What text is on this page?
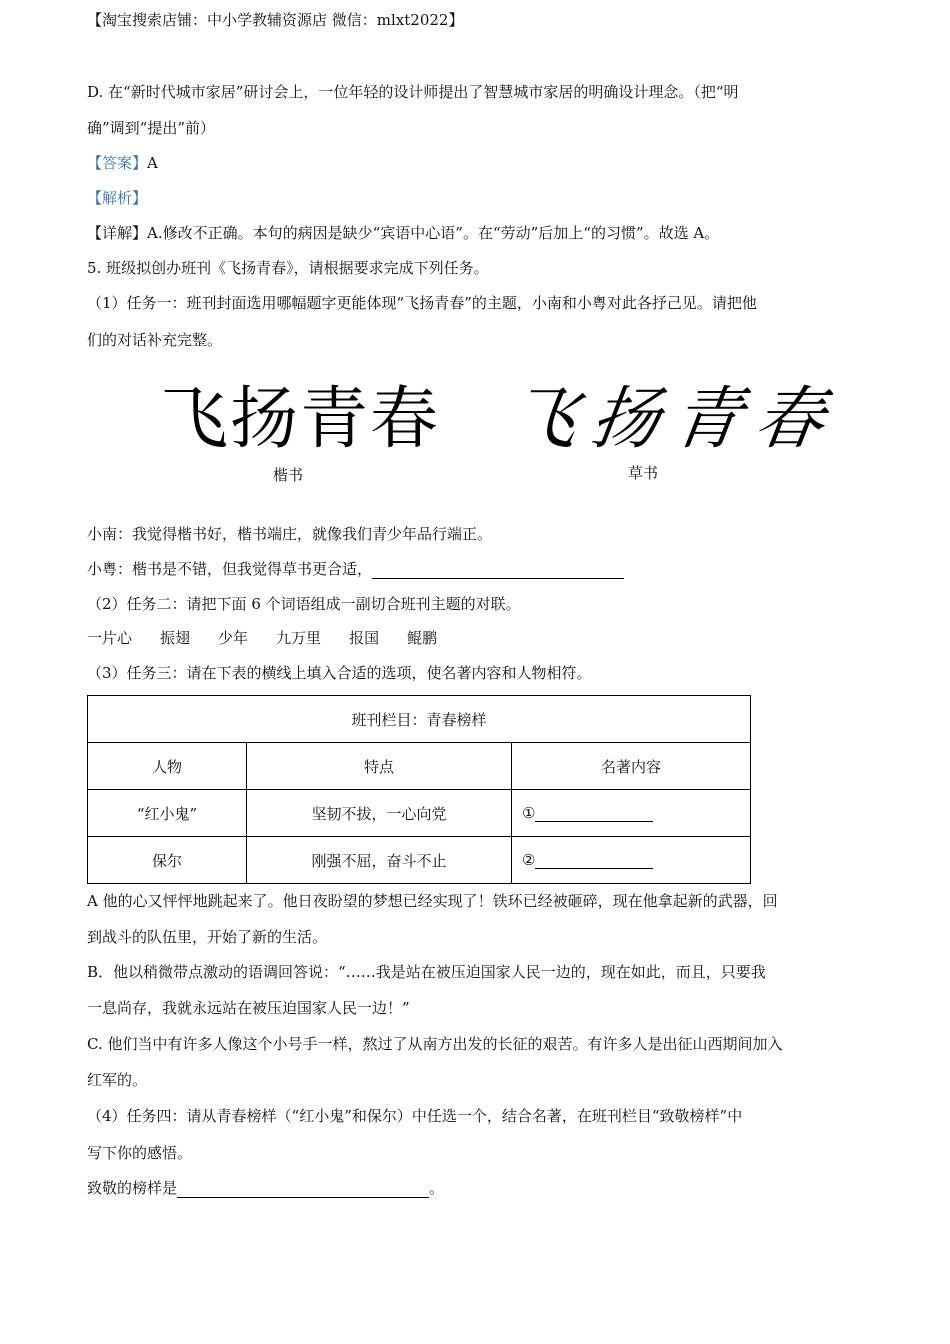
【淘宝搜索店铺：中小学教辅资源店 微信：mlxt2022】
D. 在“新时代城市家居”研讨会上，一位年轻的设计师提出了智慧城市家居的明确设计理念。（把“明
确”调到“提出”前）
【答案】A
【解析】
【详解】A.修改不正确。本句的病因是缺少“宾语中心语”。在“劳动”后加上“的习惯”。故选 A。
5. 班级拟创办班刊《飞扬青春》，请根据要求完成下列任务。
（1）任务一：班刊封面选用哪幅题字更能体现“飞扬青春”的主题，小南和小粤对此各抒己见。请把他
们的对话补充完整。
飞扬青春 飞扬青春
楷书	草书
小南：我觉得楷书好，楷书端庄，就像我们青少年品行端正。
小粤：楷书是不错，但我觉得草书更合适，
（2）任务二：请把下面 6 个词语组成一副切合班刊主题的对联。
一片心 振翅 少年 九万里 报国 鲲鹏
（3）任务三：请在下表的横线上填入合适的选项，使名著内容和人物相符。
班刊栏目：青春榜样		
人物	特点	名著内容
“红小鬼”	坚韧不拔，一心向党	①
保尔	刚强不屈，奋斗不止	②
A 他的心又怦怦地跳起来了。他日夜盼望的梦想已经实现了！铁环已经被砸碎，现在他拿起新的武器，回
到战斗的队伍里，开始了新的生活。
B．他以稍微带点激动的语调回答说：“……我是站在被压迫国家人民一边的，现在如此，而且，只要我
一息尚存，我就永远站在被压迫国家人民一边！”
C. 他们当中有许多人像这个小号手一样，熬过了从南方出发的长征的艰苦。有许多人是出征山西期间加入
红军的。
（4）任务四：请从青春榜样（“红小鬼”和保尔）中任选一个，结合名著，在班刊栏目“致敬榜样”中
写下你的感悟。
致敬的榜样是	。
